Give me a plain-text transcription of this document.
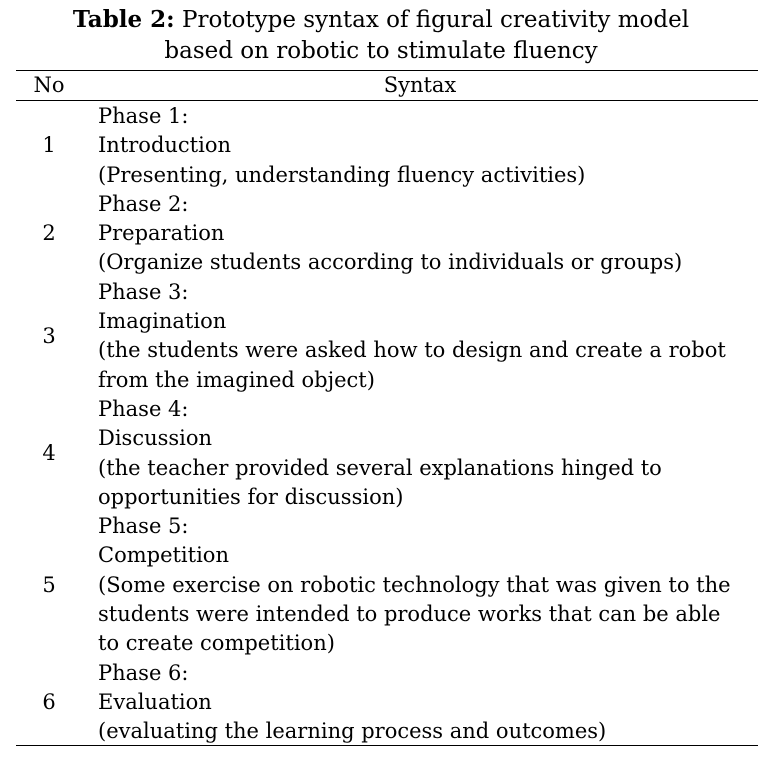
Table 2: Prototype syntax of figural creativity model
based on robotic to stimulate fluency
No	Syntax
1
Phase 1:
Introduction
(Presenting, understanding fluency activities)
2
Phase 2:
Preparation
(Organize students according to individuals or groups)
3
Phase 3:
Imagination
(the students were asked how to design and create a robot
from the imagined object)
4
Phase 4:
Discussion
(the teacher provided several explanations hinged to
opportunities for discussion)
5
Phase 5:
Competition
(Some exercise on robotic technology that was given to the
students were intended to produce works that can be able
to create competition)
6
Phase 6:
Evaluation
(evaluating the learning process and outcomes)
